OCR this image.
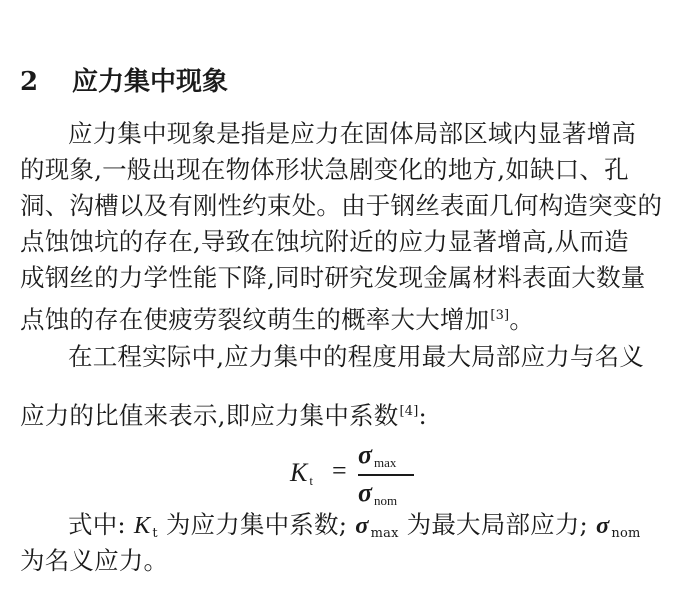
2 应力集中现象
应力集中现象是指是应力在固体局部区域内显著增高
的现象,一般出现在物体形状急剧变化的地方,如缺口、孔
洞、沟槽以及有刚性约束处。由于钢丝表面几何构造突变的
点蚀蚀坑的存在,导致在蚀坑附近的应力显著增高,从而造
成钢丝的力学性能下降,同时研究发现金属材料表面大数量
点蚀的存在使疲劳裂纹萌生的概率大大增加[3]。
在工程实际中,应力集中的程度用最大局部应力与名义
应力的比值来表示,即应力集中系数[4]:
K $_t$ =
σ $_{max}$
σ $_{nom}$
式中: K $_t$ 为应力集中系数; σ $_{max}$ 为最大局部应力; σ $_{nom}$
为名义应力。
